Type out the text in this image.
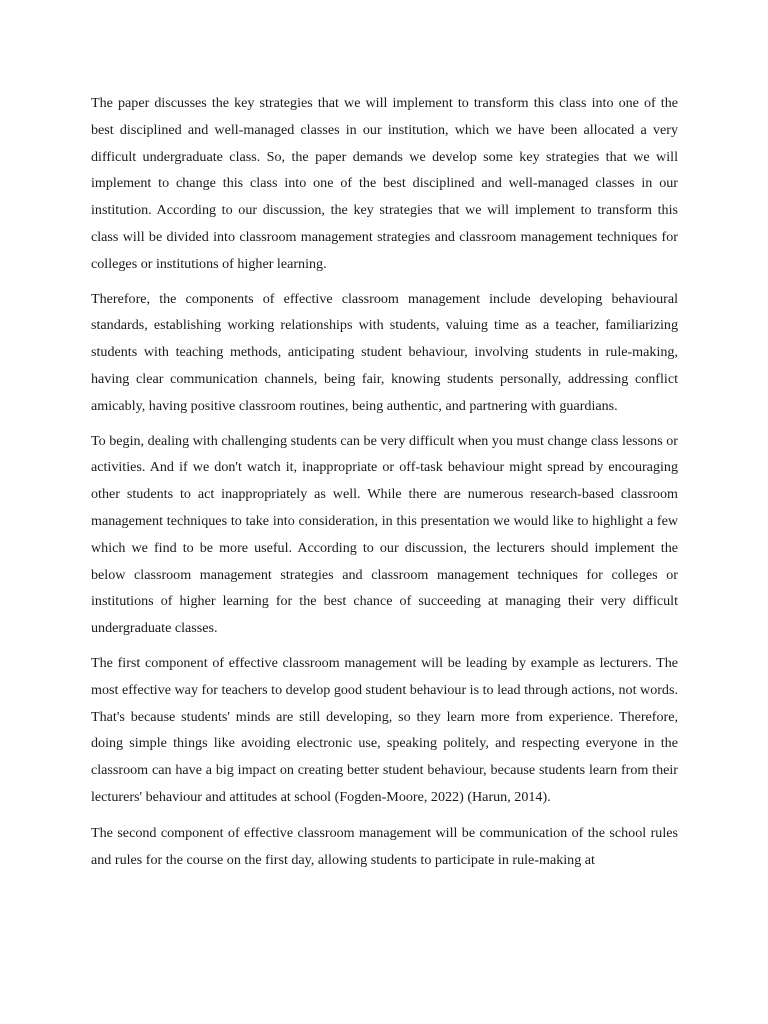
The paper discusses the key strategies that we will implement to transform this class into one of the best disciplined and well-managed classes in our institution, which we have been allocated a very difficult undergraduate class. So, the paper demands we develop some key strategies that we will implement to change this class into one of the best disciplined and well-managed classes in our institution. According to our discussion, the key strategies that we will implement to transform this class will be divided into classroom management strategies and classroom management techniques for colleges or institutions of higher learning.

Therefore, the components of effective classroom management include developing behavioural standards, establishing working relationships with students, valuing time as a teacher, familiarizing students with teaching methods, anticipating student behaviour, involving students in rule-making, having clear communication channels, being fair, knowing students personally, addressing conflict amicably, having positive classroom routines, being authentic, and partnering with guardians.

To begin, dealing with challenging students can be very difficult when you must change class lessons or activities. And if we don't watch it, inappropriate or off-task behaviour might spread by encouraging other students to act inappropriately as well. While there are numerous research-based classroom management techniques to take into consideration, in this presentation we would like to highlight a few which we find to be more useful. According to our discussion, the lecturers should implement the below classroom management strategies and classroom management techniques for colleges or institutions of higher learning for the best chance of succeeding at managing their very difficult undergraduate classes.

The first component of effective classroom management will be leading by example as lecturers. The most effective way for teachers to develop good student behaviour is to lead through actions, not words. That's because students' minds are still developing, so they learn more from experience. Therefore, doing simple things like avoiding electronic use, speaking politely, and respecting everyone in the classroom can have a big impact on creating better student behaviour, because students learn from their lecturers' behaviour and attitudes at school (Fogden-Moore, 2022) (Harun, 2014).

The second component of effective classroom management will be communication of the school rules and rules for the course on the first day, allowing students to participate in rule-making at
